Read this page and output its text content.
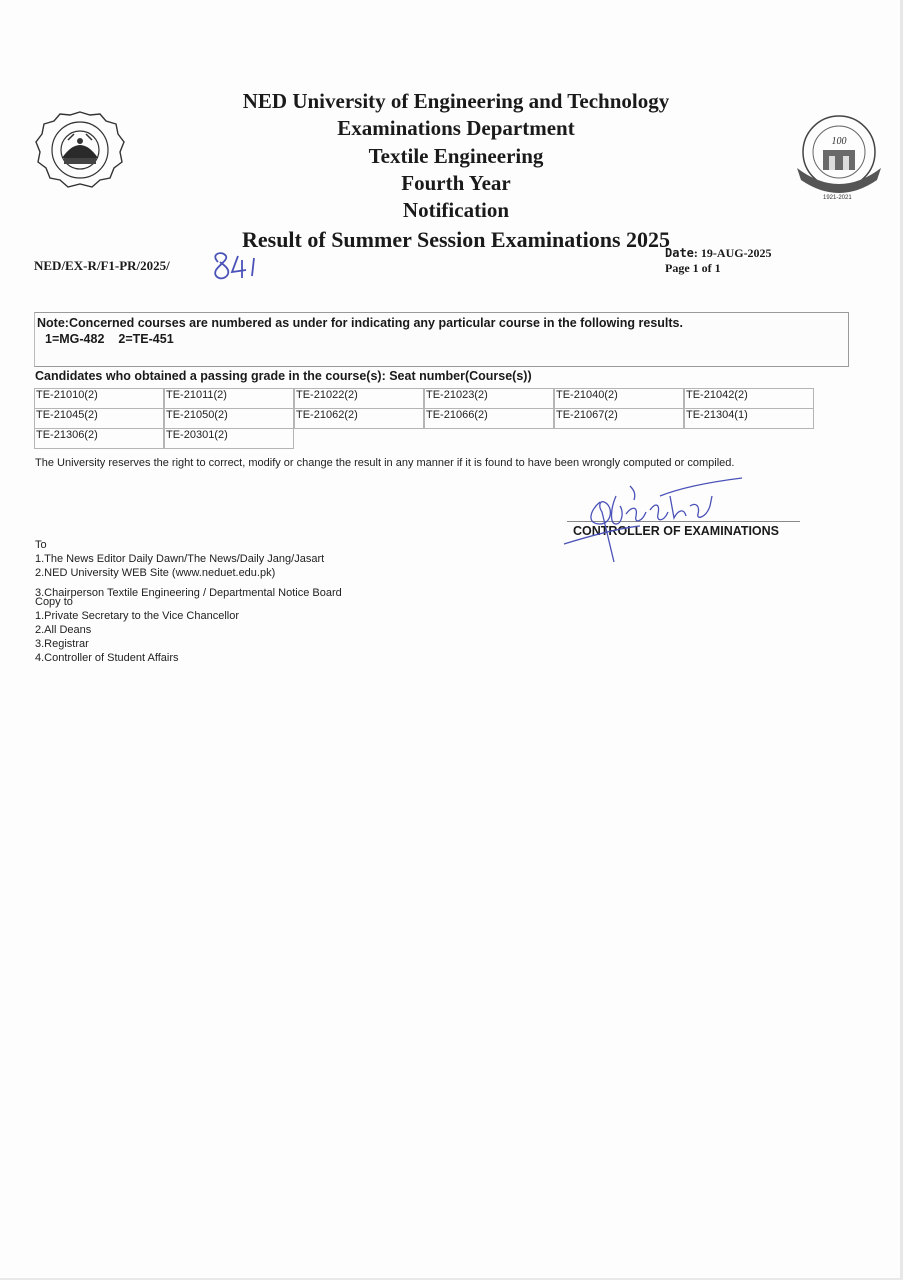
NED University of Engineering and Technology
Examinations Department
Textile Engineering
Fourth Year
Notification
Result of Summer Session Examinations 2025
100
1921-2021
NED/EX-R/F1-PR/2025/
Date: 19-AUG-2025
Page 1 of 1
Note:Concerned courses are numbered as under for indicating any particular course in the following results.
1=MG-482 2=TE-451
Candidates who obtained a passing grade in the course(s): Seat number(Course(s))
TE-21010(2)	TE-21011(2)	TE-21022(2)	TE-21023(2)	TE-21040(2)	TE-21042(2)
TE-21045(2)	TE-21050(2)	TE-21062(2)	TE-21066(2)	TE-21067(2)	TE-21304(1)
TE-21306(2)	TE-20301(2)
The University reserves the right to correct, modify or change the result in any manner if it is found to have been wrongly computed or compiled.
CONTROLLER OF EXAMINATIONS
To
1.The News Editor Daily Dawn/The News/Daily Jang/Jasart
2.NED University WEB Site (www.neduet.edu.pk)
3.Chairperson Textile Engineering / Departmental Notice Board
Copy to
1.Private Secretary to the Vice Chancellor
2.All Deans
3.Registrar
4.Controller of Student Affairs
